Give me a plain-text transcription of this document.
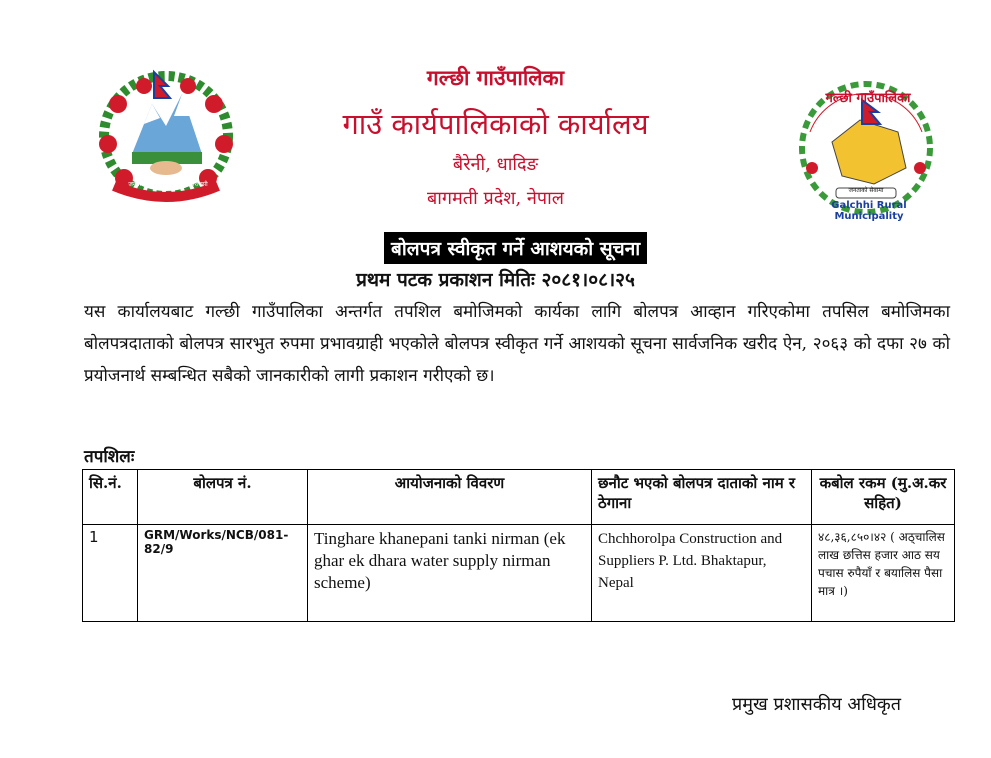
जननी जन्मभूमिश्च स्वर्गादपि गरीयसी
गल्छी गाउँपालिका
जनताको सेवामा
Galchhi Rural Municipality
गल्छी गाउँपालिका
गाउँ कार्यपालिकाको कार्यालय
बैरेनी, धादिङ
बागमती प्रदेश, नेपाल
बोलपत्र स्वीकृत गर्ने आशयको सूचना
प्रथम पटक प्रकाशन मितिः २०८१।०८।२५

यस कार्यालयबाट गल्छी गाउँपालिका अन्तर्गत तपशिल बमोजिमको कार्यका लागि बोलपत्र आव्हान गरिएकोमा तपसिल बमोजिमका बोलपत्रदाताको बोलपत्र सारभुत रुपमा प्रभावग्राही भएकोले बोलपत्र स्वीकृत गर्ने आशयको सूचना सार्वजनिक खरीद ऐन, २०६३ को दफा २७ को प्रयोजनार्थ सम्बन्धित सबैको जानकारीको लागी प्रकाशन गरीएको छ।

तपशिलः
सि.नं.	बोलपत्र नं.	आयोजनाको विवरण	छनौट भएको बोलपत्र दाताको नाम र ठेगाना	कबोल रकम (मु.अ.कर सहित)
1	GRM/Works/NCB/081-82/9	Tinghare khanepani tanki nirman (ek ghar ek dhara water supply nirman scheme)	Chchhorolpa Construction and Suppliers P. Ltd. Bhaktapur, Nepal	४८,३६,८५०।४२ ( अठ्चालिस लाख छत्तिस हजार आठ सय पचास रुपैयाँ र बयालिस पैसा मात्र ।)
प्रमुख प्रशासकीय अधिकृत
